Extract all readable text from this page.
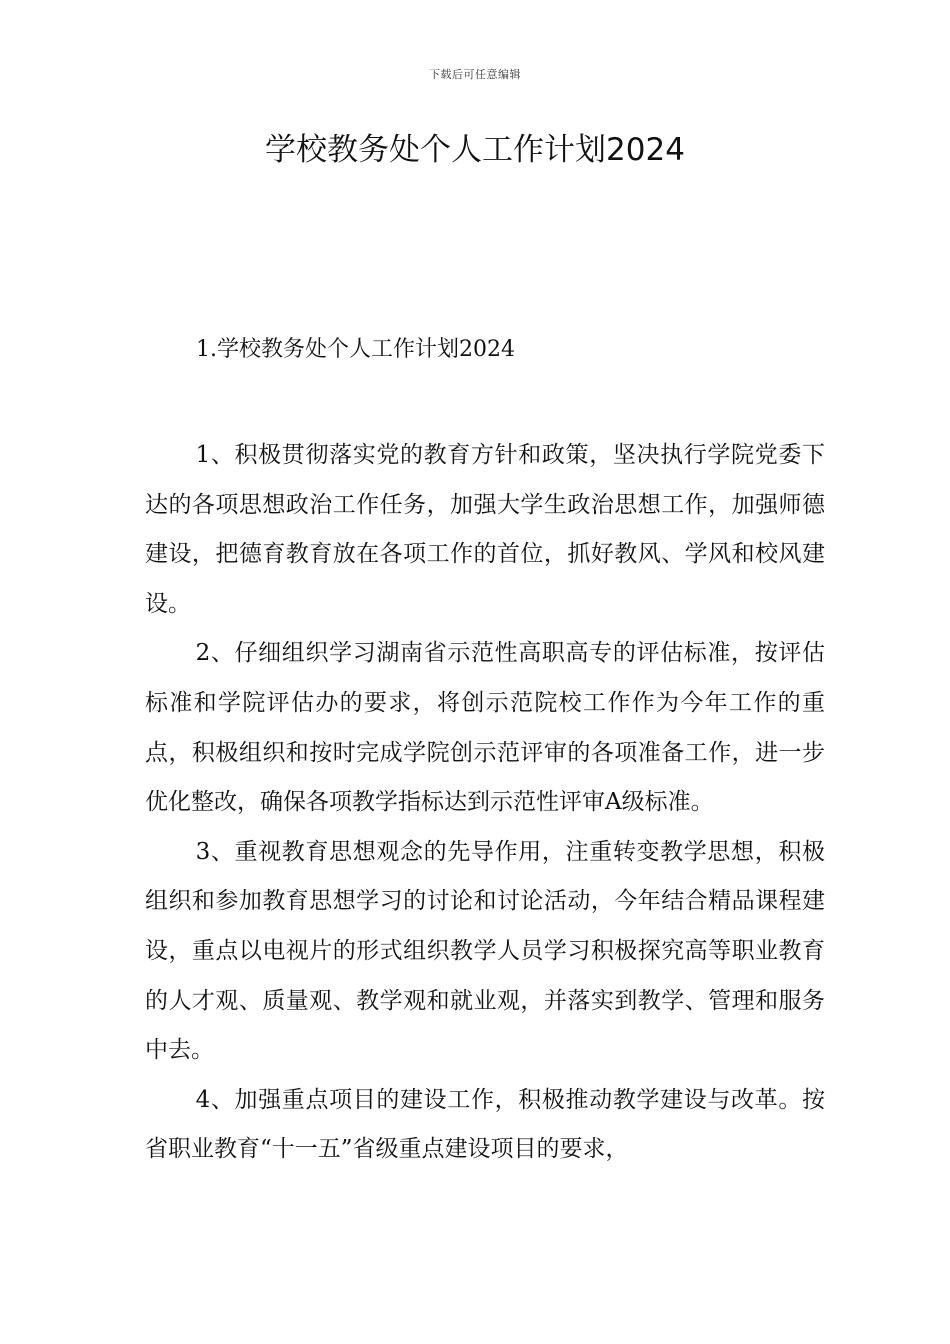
下载后可任意编辑
学校教务处个人工作计划2024
1.学校教务处个人工作计划2024

1、积极贯彻落实党的教育方针和政策，坚决执行学院党委下达的各项思想政治工作任务，加强大学生政治思想工作，加强师德建设，把德育教育放在各项工作的首位，抓好教风、学风和校风建设。

2、仔细组织学习湖南省示范性高职高专的评估标准，按评估标准和学院评估办的要求，将创示范院校工作作为今年工作的重点，积极组织和按时完成学院创示范评审的各项准备工作，进一步优化整改，确保各项教学指标达到示范性评审A级标准。

3、重视教育思想观念的先导作用，注重转变教学思想，积极组织和参加教育思想学习的讨论和讨论活动，今年结合精品课程建设，重点以电视片的形式组织教学人员学习积极探究高等职业教育的人才观、质量观、教学观和就业观，并落实到教学、管理和服务中去。

4、加强重点项目的建设工作，积极推动教学建设与改革。按省职业教育“十一五”省级重点建设项目的要求，
